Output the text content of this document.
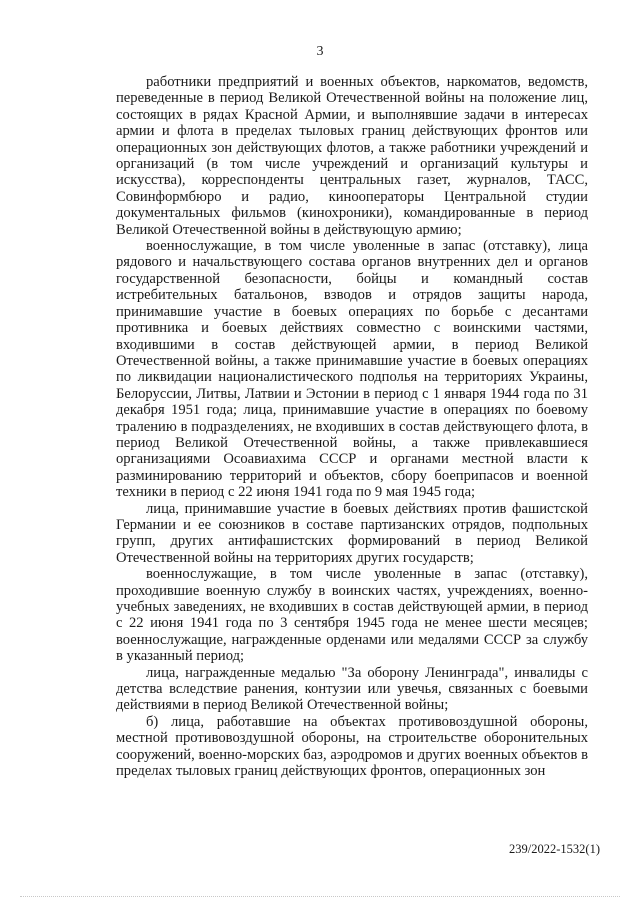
3

работники предприятий и военных объектов, наркоматов, ведомств, переведенные в период Великой Отечественной войны на положение лиц, состоящих в рядах Красной Армии, и выполнявшие задачи в интересах армии и флота в пределах тыловых границ действующих фронтов или операционных зон действующих флотов, а также работники учреждений и организаций (в том числе учреждений и организаций культуры и искусства), корреспонденты центральных газет, журналов, ТАСС, Совинформбюро и радио, кинооператоры Центральной студии документальных фильмов (кинохроники), командированные в период Великой Отечественной войны в действующую армию;

военнослужащие, в том числе уволенные в запас (отставку), лица рядового и начальствующего состава органов внутренних дел и органов государственной безопасности, бойцы и командный состав истребительных батальонов, взводов и отрядов защиты народа, принимавшие участие в боевых операциях по борьбе с десантами противника и боевых действиях совместно с воинскими частями, входившими в состав действующей армии, в период Великой Отечественной войны, а также принимавшие участие в боевых операциях по ликвидации националистического подполья на территориях Украины, Белоруссии, Литвы, Латвии и Эстонии в период с 1 января 1944 года по 31 декабря 1951 года; лица, принимавшие участие в операциях по боевому тралению в подразделениях, не входивших в состав действующего флота, в период Великой Отечественной войны, а также привлекавшиеся организациями Осоавиахима СССР и органами местной власти к разминированию территорий и объектов, сбору боеприпасов и военной техники в период с 22 июня 1941 года по 9 мая 1945 года;

лица, принимавшие участие в боевых действиях против фашистской Германии и ее союзников в составе партизанских отрядов, подпольных групп, других антифашистских формирований в период Великой Отечественной войны на территориях других государств;

военнослужащие, в том числе уволенные в запас (отставку), проходившие военную службу в воинских частях, учреждениях, военно-учебных заведениях, не входивших в состав действующей армии, в период с 22 июня 1941 года по 3 сентября 1945 года не менее шести месяцев; военнослужащие, награжденные орденами или медалями СССР за службу в указанный период;

лица, награжденные медалью "За оборону Ленинграда", инвалиды с детства вследствие ранения, контузии или увечья, связанных с боевыми действиями в период Великой Отечественной войны;

б) лица, работавшие на объектах противовоздушной обороны, местной противовоздушной обороны, на строительстве оборонительных сооружений, военно-морских баз, аэродромов и других военных объектов в пределах тыловых границ действующих фронтов, операционных зон

239/2022-1532(1)
